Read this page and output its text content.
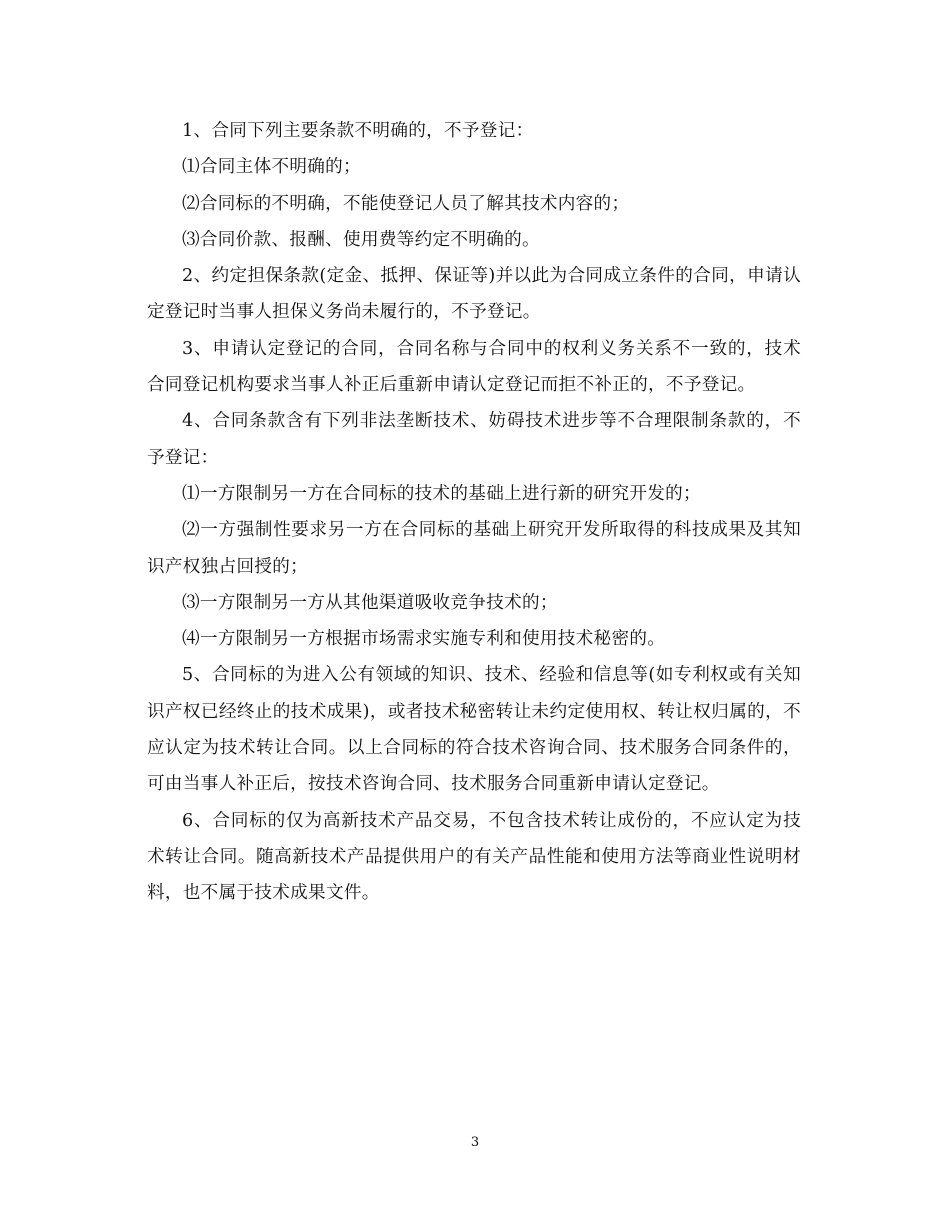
1、合同下列主要条款不明确的，不予登记：

⑴合同主体不明确的；

⑵合同标的不明确，不能使登记人员了解其技术内容的；

⑶合同价款、报酬、使用费等约定不明确的。

2、约定担保条款(定金、抵押、保证等)并以此为合同成立条件的合同，申请认定登记时当事人担保义务尚未履行的，不予登记。

3、申请认定登记的合同，合同名称与合同中的权利义务关系不一致的，技术合同登记机构要求当事人补正后重新申请认定登记而拒不补正的，不予登记。

4、合同条款含有下列非法垄断技术、妨碍技术进步等不合理限制条款的，不予登记：

⑴一方限制另一方在合同标的技术的基础上进行新的研究开发的；

⑵一方强制性要求另一方在合同标的基础上研究开发所取得的科技成果及其知识产权独占回授的；

⑶一方限制另一方从其他渠道吸收竞争技术的；

⑷一方限制另一方根据市场需求实施专利和使用技术秘密的。

5、合同标的为进入公有领域的知识、技术、经验和信息等(如专利权或有关知识产权已经终止的技术成果)，或者技术秘密转让未约定使用权、转让权归属的，不应认定为技术转让合同。以上合同标的符合技术咨询合同、技术服务合同条件的，可由当事人补正后，按技术咨询合同、技术服务合同重新申请认定登记。

6、合同标的仅为高新技术产品交易，不包含技术转让成份的，不应认定为技术转让合同。随高新技术产品提供用户的有关产品性能和使用方法等商业性说明材料，也不属于技术成果文件。

3
